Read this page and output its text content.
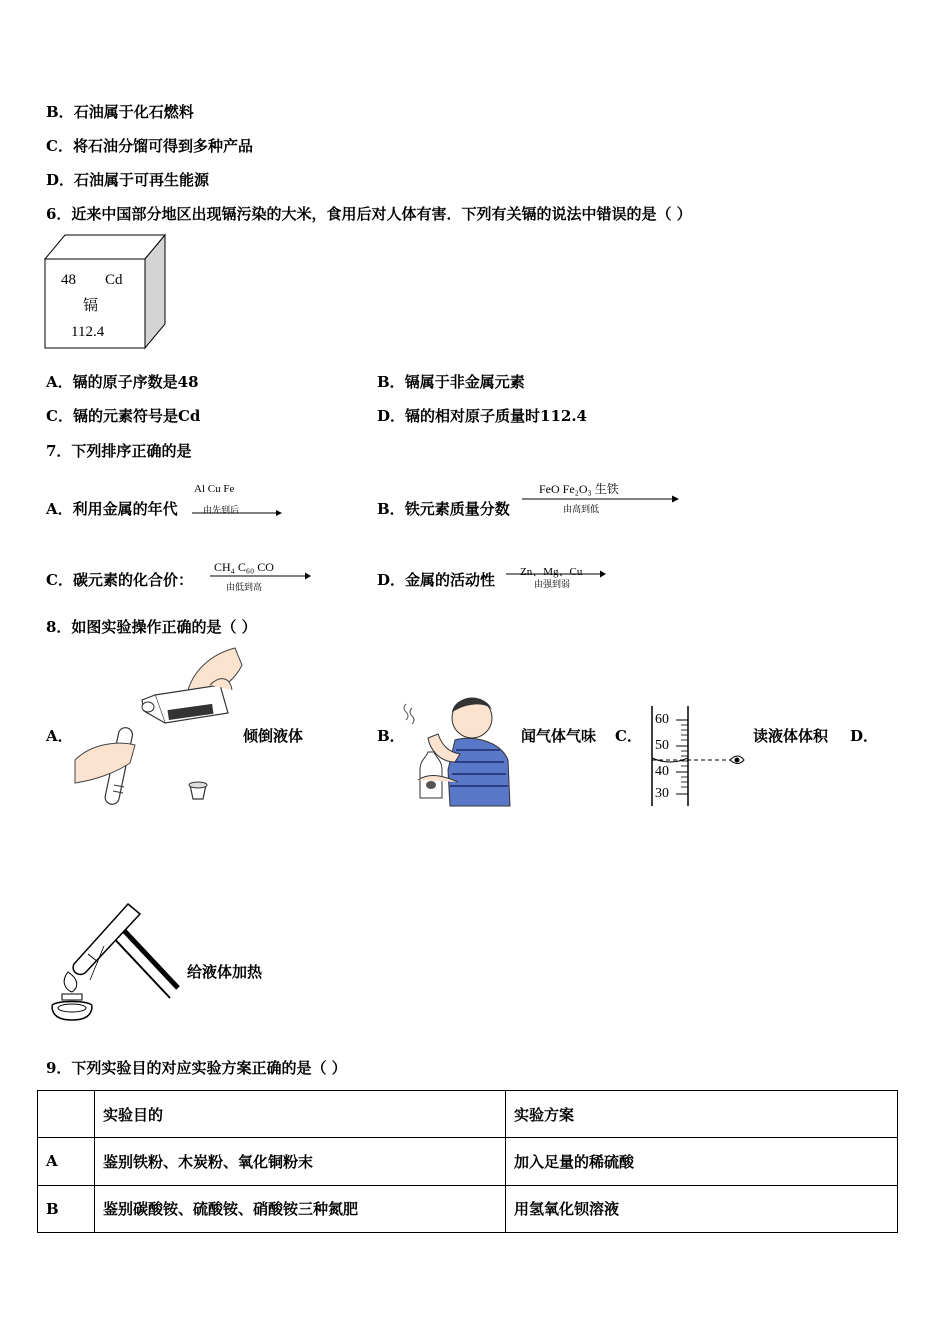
B．石油属于化石燃料
C．将石油分馏可得到多种产品
D．石油属于可再生能源
6．近来中国部分地区出现镉污染的大米，食用后对人体有害．下列有关镉的说法中错误的是（ ）
48 Cd
镉
112.4
A．镉的原子序数是48	B．镉属于非金属元素
C．镉的元素符号是Cd	D．镉的相对原子质量时112.4
7．下列排序正确的是
A．利用金属的年代
Al Cu Fe
由先到后	B．铁元素质量分数
FeO Fe₂O₃ 生铁
由高到低
C．碳元素的化合价：
CH₄ C₆₀ CO
由低到高	D．金属的活动性 Zn、Mg、Cu
由强到弱
8．如图实验操作正确的是（ ）
A．	倾倒液体	B．	闻气体气味 C．
60
50
40
30
读液体体积 D．
给液体加热
9．下列实验目的对应实验方案正确的是（ ）
	实验目的	实验方案
A	鉴别铁粉、木炭粉、氧化铜粉末	加入足量的稀硫酸
B	鉴别碳酸铵、硫酸铵、硝酸铵三种氮肥	用氢氧化钡溶液
